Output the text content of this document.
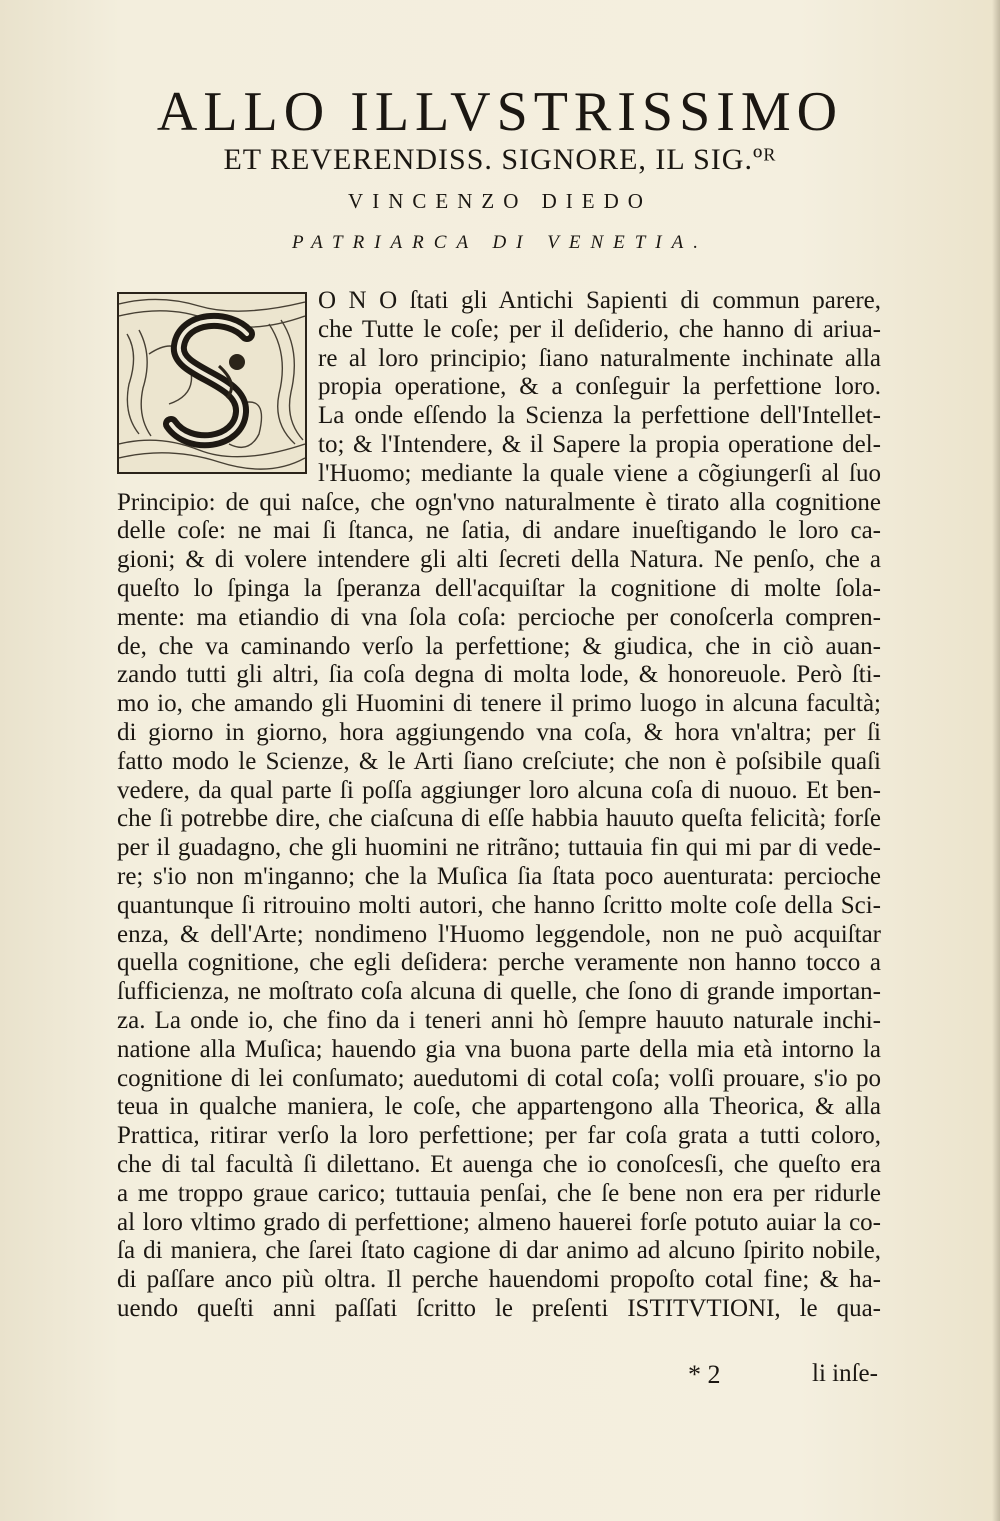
ALLO ILLVSTRISSIMO
ET REVERENDISS. SIGNORE, IL SIG.ºᴿ
VINCENZO DIEDO
PATRIARCA DI VENETIA.

O N O ſtati gli Antichi Sapienti di commun parere,

che Tutte le coſe; per il deſiderio, che hanno di ariua-

re al loro principio; ſiano naturalmente inchinate alla

propia operatione, & a conſeguir la perfettione loro.

La onde eſſendo la Scienza la perfettione dell'Intellet-

to; & l'Intendere, & il Sapere la propia operatione del-

l'Huomo; mediante la quale viene a cõgiungerſi al ſuo

Principio: de qui naſce, che ogn'vno naturalmente è tirato alla cognitione

delle coſe: ne mai ſi ſtanca, ne ſatia, di andare inueſtigando le loro ca-

gioni; & di volere intendere gli alti ſecreti della Natura. Ne penſo, che a

queſto lo ſpinga la ſperanza dell'acquiſtar la cognitione di molte ſola-

mente: ma etiandio di vna ſola coſa: percioche per conoſcerla compren-

de, che va caminando verſo la perfettione; & giudica, che in ciò auan-

zando tutti gli altri, ſia coſa degna di molta lode, & honoreuole. Però ſti-

mo io, che amando gli Huomini di tenere il primo luogo in alcuna facultà;

di giorno in giorno, hora aggiungendo vna coſa, & hora vn'altra; per ſi

fatto modo le Scienze, & le Arti ſiano creſciute; che non è poſsibile quaſi

vedere, da qual parte ſi poſſa aggiunger loro alcuna coſa di nuouo. Et ben-

che ſi potrebbe dire, che ciaſcuna di eſſe habbia hauuto queſta felicità; forſe

per il guadagno, che gli huomini ne ritrãno; tuttauia fin qui mi par di vede-

re; s'io non m'inganno; che la Muſica ſia ſtata poco auenturata: percioche

quantunque ſi ritrouino molti autori, che hanno ſcritto molte coſe della Sci-

enza, & dell'Arte; nondimeno l'Huomo leggendole, non ne può acquiſtar

quella cognitione, che egli deſidera: perche veramente non hanno tocco a

ſufficienza, ne moſtrato coſa alcuna di quelle, che ſono di grande importan-

za. La onde io, che fino da i teneri anni hò ſempre hauuto naturale inchi-

natione alla Muſica; hauendo gia vna buona parte della mia età intorno la

cognitione di lei conſumato; auedutomi di cotal coſa; volſi prouare, s'io po

teua in qualche maniera, le coſe, che appartengono alla Theorica, & alla

Prattica, ritirar verſo la loro perfettione; per far coſa grata a tutti coloro,

che di tal facultà ſi dilettano. Et auenga che io conoſcesſi, che queſto era

a me troppo graue carico; tuttauia penſai, che ſe bene non era per ridurle

al loro vltimo grado di perfettione; almeno hauerei forſe potuto auiar la co-

ſa di maniera, che ſarei ſtato cagione di dar animo ad alcuno ſpirito nobile,

di paſſare anco più oltra. Il perche hauendomi propoſto cotal fine; & ha-

uendo queſti anni paſſati ſcritto le preſenti ISTITVTIONI, le qua-

* 2	li inſe-
